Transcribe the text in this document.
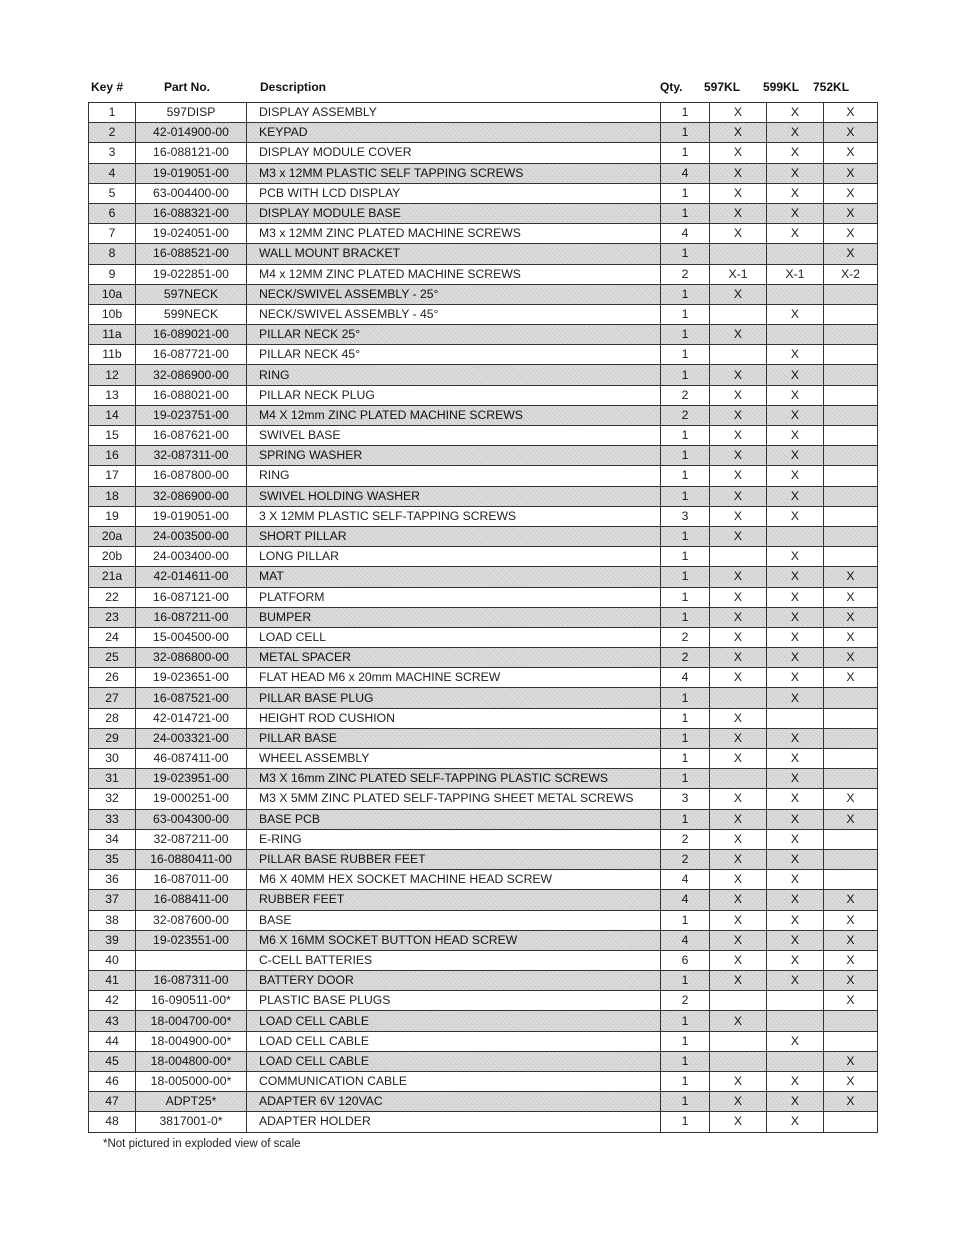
Key #	Part No.	Description	Qty. 597KL 599KL 752KL
1	597DISP	DISPLAY ASSEMBLY	1	X	X	X
2	42-014900-00	KEYPAD	1	X	X	X
3	16-088121-00	DISPLAY MODULE COVER	1	X	X	X
4	19-019051-00	M3 x 12MM PLASTIC SELF TAPPING SCREWS	4	X	X	X
5	63-004400-00	PCB WITH LCD DISPLAY	1	X	X	X
6	16-088321-00	DISPLAY MODULE BASE	1	X	X	X
7	19-024051-00	M3 x 12MM ZINC PLATED MACHINE SCREWS	4	X	X	X
8	16-088521-00	WALL MOUNT BRACKET	1			X
9	19-022851-00	M4 x 12MM ZINC PLATED MACHINE SCREWS	2	X-1	X-1	X-2
10a	597NECK	NECK/SWIVEL ASSEMBLY - 25°	1	X		
10b	599NECK	NECK/SWIVEL ASSEMBLY - 45°	1		X	
11a	16-089021-00	PILLAR NECK 25°	1	X		
11b	16-087721-00	PILLAR NECK 45°	1		X	
12	32-086900-00	RING	1	X	X	
13	16-088021-00	PILLAR NECK PLUG	2	X	X	
14	19-023751-00	M4 X 12mm ZINC PLATED MACHINE SCREWS	2	X	X	
15	16-087621-00	SWIVEL BASE	1	X	X	
16	32-087311-00	SPRING WASHER	1	X	X	
17	16-087800-00	RING	1	X	X	
18	32-086900-00	SWIVEL HOLDING WASHER	1	X	X	
19	19-019051-00	3 X 12MM PLASTIC SELF-TAPPING SCREWS	3	X	X	
20a	24-003500-00	SHORT PILLAR	1	X		
20b	24-003400-00	LONG PILLAR	1		X	
21a	42-014611-00	MAT	1	X	X	X
22	16-087121-00	PLATFORM	1	X	X	X
23	16-087211-00	BUMPER	1	X	X	X
24	15-004500-00	LOAD CELL	2	X	X	X
25	32-086800-00	METAL SPACER	2	X	X	X
26	19-023651-00	FLAT HEAD M6 x 20mm MACHINE SCREW	4	X	X	X
27	16-087521-00	PILLAR BASE PLUG	1		X	
28	42-014721-00	HEIGHT ROD CUSHION	1	X		
29	24-003321-00	PILLAR BASE	1	X	X	
30	46-087411-00	WHEEL ASSEMBLY	1	X	X	
31	19-023951-00	M3 X 16mm ZINC PLATED SELF-TAPPING PLASTIC SCREWS	1		X	
32	19-000251-00	M3 X 5MM ZINC PLATED SELF-TAPPING SHEET METAL SCREWS	3	X	X	X
33	63-004300-00	BASE PCB	1	X	X	X
34	32-087211-00	E-RING	2	X	X	
35	16-0880411-00	PILLAR BASE RUBBER FEET	2	X	X	
36	16-087011-00	M6 X 40MM HEX SOCKET MACHINE HEAD SCREW	4	X	X	
37	16-088411-00	RUBBER FEET	4	X	X	X
38	32-087600-00	BASE	1	X	X	X
39	19-023551-00	M6 X 16MM SOCKET BUTTON HEAD SCREW	4	X	X	X
40		C-CELL BATTERIES	6	X	X	X
41	16-087311-00	BATTERY DOOR	1	X	X	X
42	16-090511-00*	PLASTIC BASE PLUGS	2			X
43	18-004700-00*	LOAD CELL CABLE	1	X		
44	18-004900-00*	LOAD CELL CABLE	1		X	
45	18-004800-00*	LOAD CELL CABLE	1			X
46	18-005000-00*	COMMUNICATION CABLE	1	X	X	X
47	ADPT25*	ADAPTER 6V 120VAC	1	X	X	X
48	3817001-0*	ADAPTER HOLDER	1	X	X	
*Not pictured in exploded view of scale
